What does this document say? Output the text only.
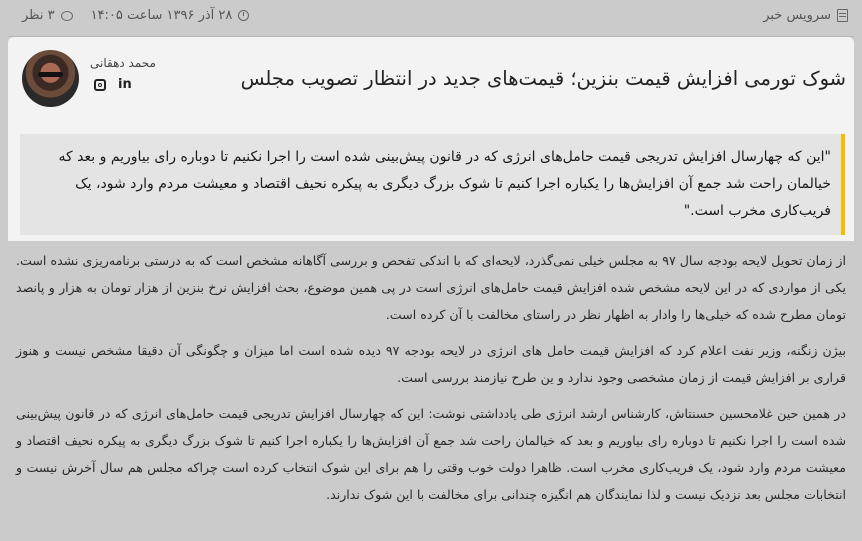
سرویس خبر
۲۸ آذر ۱۳۹۶ ساعت ۱۴:۰۵
۳ نظر
محمد دهقانی
in	شوک تورمی افزایش قیمت بنزین؛ قیمت‌های جدید در انتظار تصویب مجلس
"این که چهارسال افزایش تدریجی قیمت حامل‌های انرژی که در قانون پیش‌بینی شده است را اجرا نکنیم تا دوباره رای بیاوریم و بعد که خیالمان راحت شد جمع آن افزایش‌ها را یکباره اجرا کنیم تا شوک بزرگ دیگری به پیکره نحیف اقتصاد و معیشت مردم وارد شود، یک فریب‌کاری مخرب است."

از زمان تحویل لایحه بودجه سال ۹۷ به مجلس خیلی نمی‌گذرد، لایحه‌ای که با اندکی تفحص و بررسی آگاهانه مشخص است که به درستی برنامه‌ریزی نشده است. یکی از مواردی که در این لایحه مشخص شده افزایش قیمت حامل‌های انرژی است در پی همین موضوع، بحث افزایش نرخ بنزین از هزار تومان به هزار و پانصد تومان مطرح شده که خیلی‌ها را وادار به اظهار نظر در راستای مخالفت با آن کرده است.

بیژن زنگنه، وزیر نفت اعلام کرد که افزایش قیمت حامل های انرژی در لایحه بودجه ۹۷ دیده شده است اما میزان و چگونگی آن دقیقا مشخص نیست و هنوز قراری بر افزایش قیمت از زمان مشخصی وجود ندارد و ین طرح نیازمند بررسی است.

در همین حین غلامحسین حسنتاش، کارشناس ارشد انرژی طی یادداشتی نوشت: این که چهارسال افزایش تدریجی قیمت حامل‌های انرژی که در قانون پیش‌بینی شده است را اجرا نکنیم تا دوباره رای بیاوریم و بعد که خیالمان راحت شد جمع آن افزایش‌ها را یکباره اجرا کنیم تا شوک بزرگ دیگری به پیکره نحیف اقتصاد و معیشت مردم وارد شود، یک فریب‌کاری مخرب است. ظاهرا دولت خوب وقتی را هم برای این شوک انتخاب کرده است چراکه مجلس هم سال آخرش نیست و انتخابات مجلس بعد نزدیک نیست و لذا نمایندگان هم انگیزه چندانی برای مخالفت با این شوک ندارند.
